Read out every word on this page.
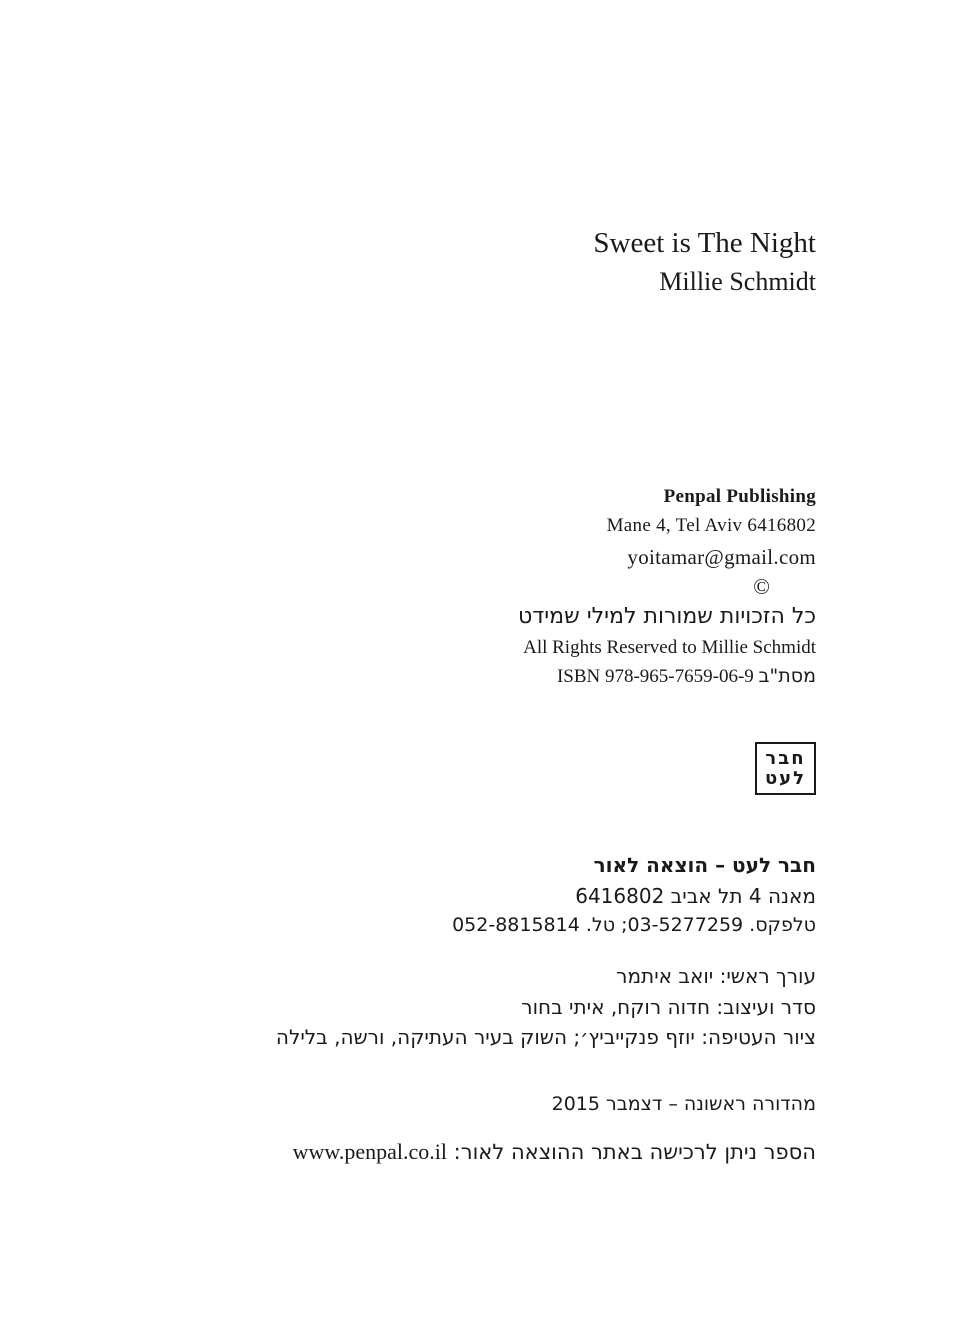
Sweet is The Night
Millie Schmidt
Penpal Publishing
Mane 4, Tel Aviv 6416802
yoitamar@gmail.com
©
כל הזכויות שמורות למילי שמידט
All Rights Reserved to Millie Schmidt
ISBN 978-965-7659-06-9 מסת"ב
חבר
לעט
חבר לעט – הוצאה לאור
מאנה 4 תל אביב 6416802
טלפקס. 03-5277259; טל. 052-8815814
עורך ראשי: יואב איתמר
סדר ועיצוב: חדוה רוקח, איתי בחור
ציור העטיפה: יוזף פנקייביץ׳; השוק בעיר העתיקה, ורשה, בלילה
מהדורה ראשונה – דצמבר 2015
הספר ניתן לרכישה באתר ההוצאה לאור: www.penpal.co.il
